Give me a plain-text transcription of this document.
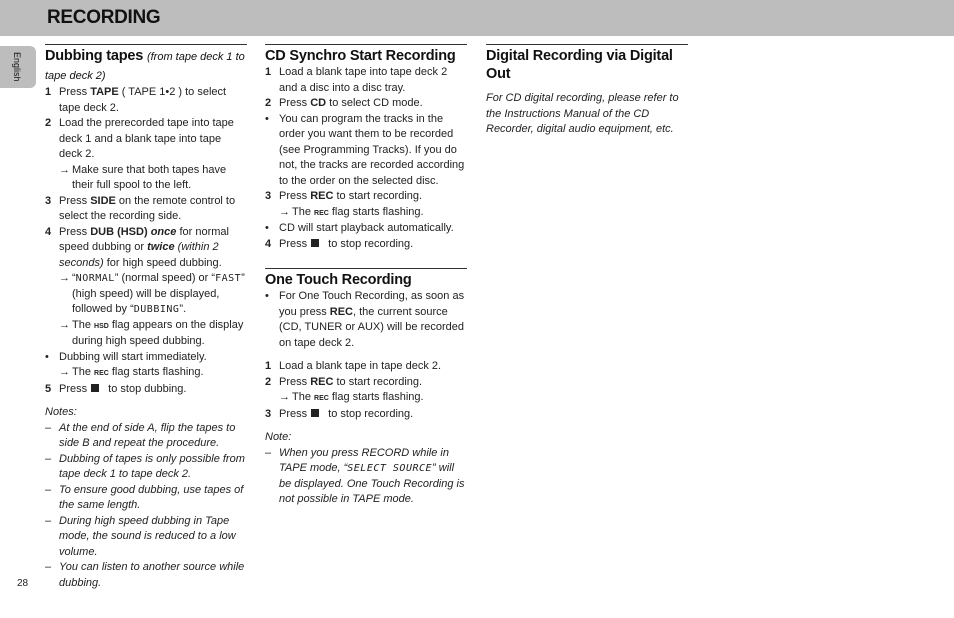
RECORDING
English
28
Dubbing tapes (from tape deck 1 to tape deck 2)
1 Press TAPE ( TAPE 1•2 ) to select tape deck 2.
2 Load the prerecorded tape into tape deck 1 and a blank tape into tape deck 2.
→ Make sure that both tapes have their full spool to the left.
3 Press SIDE on the remote control to select the recording side.
4 Press DUB (HSD) once for normal speed dubbing or twice (within 2 seconds) for high speed dubbing.
→ “NORMAL” (normal speed) or “FAST” (high speed) will be displayed, followed by “DUBBING”.
→ The HSD flag appears on the display during high speed dubbing.
• Dubbing will start immediately.
→ The REC flag starts flashing.
5 Press to stop dubbing.
Notes:
– At the end of side A, flip the tapes to side B and repeat the procedure.
– Dubbing of tapes is only possible from tape deck 1 to tape deck 2.
– To ensure good dubbing, use tapes of the same length.
– During high speed dubbing in Tape mode, the sound is reduced to a low volume.
– You can listen to another source while dubbing.
CD Synchro Start Recording
1 Load a blank tape into tape deck 2 and a disc into a disc tray.
2 Press CD to select CD mode.
• You can program the tracks in the order you want them to be recorded (see Programming Tracks). If you do not, the tracks are recorded according to the order on the selected disc.
3 Press REC to start recording.
→ The REC flag starts flashing.
• CD will start playback automatically.
4 Press to stop recording.
One Touch Recording
• For One Touch Recording, as soon as you press REC, the current source (CD, TUNER or AUX) will be recorded on tape deck 2.
1 Load a blank tape in tape deck 2.
2 Press REC to start recording.
→ The REC flag starts flashing.
3 Press to stop recording.
Note:
– When you press RECORD while in TAPE mode, “SELECT SOURCE” will be displayed. One Touch Recording is not possible in TAPE mode.
Digital Recording via Digital Out
For CD digital recording, please refer to the Instructions Manual of the CD Recorder, digital audio equipment, etc.
